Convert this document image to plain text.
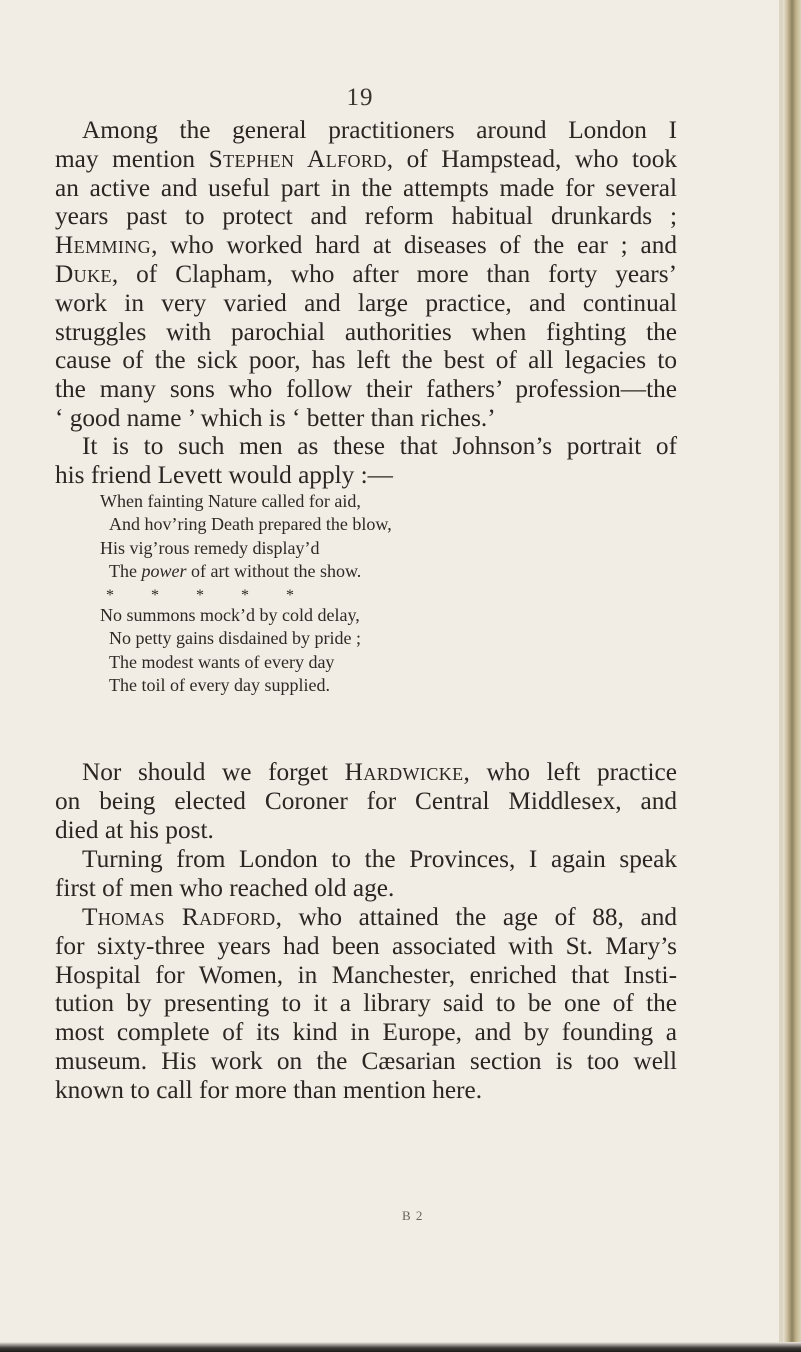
19
Among the general practitioners around London I
may mention Stephen Alford, of Hampstead, who took
an active and useful part in the attempts made for several
years past to protect and reform habitual drunkards ;
Hemming, who worked hard at diseases of the ear ; and
Duke, of Clapham, who after more than forty years’
work in very varied and large practice, and continual
struggles with parochial authorities when fighting the
cause of the sick poor, has left the best of all legacies to
the many sons who follow their fathers’ profession—the
‘ good name ’ which is ‘ better than riches.’
It is to such men as these that Johnson’s portrait of
his friend Levett would apply :—
When fainting Nature called for aid,
And hov’ring Death prepared the blow,
His vig’rous remedy display’d
The power of art without the show.
* * * * *
No summons mock’d by cold delay,
No petty gains disdained by pride ;
The modest wants of every day
The toil of every day supplied.
Nor should we forget Hardwicke, who left practice
on being elected Coroner for Central Middlesex, and
died at his post.
Turning from London to the Provinces, I again speak
first of men who reached old age.
Thomas Radford, who attained the age of 88, and
for sixty-three years had been associated with St. Mary’s
Hospital for Women, in Manchester, enriched that Insti-
tution by presenting to it a library said to be one of the
most complete of its kind in Europe, and by founding a
museum. His work on the Cæsarian section is too well
known to call for more than mention here.
B 2
